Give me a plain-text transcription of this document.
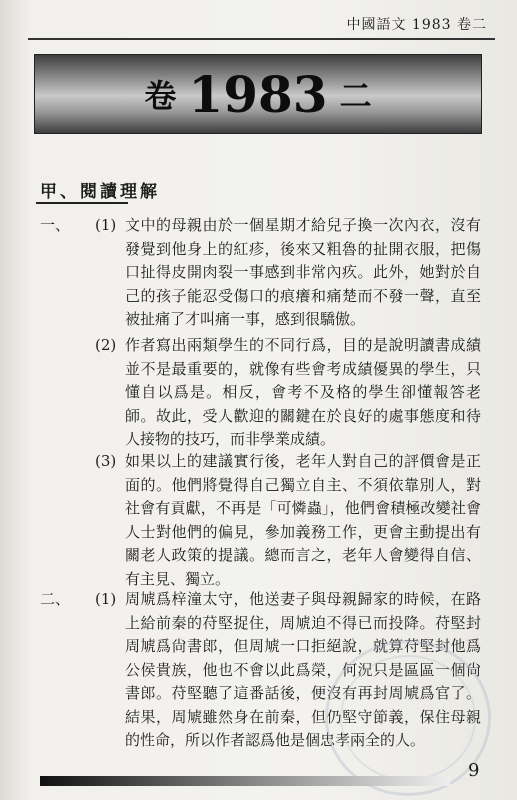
中國語文 1983 卷二
卷 1983 二
甲、閱讀理解
一、 (1) 文中的母親由於一個星期才給兒子換一次內衣，沒有發覺到他身上的紅疹，後來又粗魯的扯開衣服，把傷口扯得皮開肉裂一事感到非常內疚。此外，她對於自己的孩子能忍受傷口的痕癢和痛楚而不發一聲，直至被扯痛了才叫痛一事，感到很驕傲。
(2) 作者寫出兩類學生的不同行爲，目的是說明讀書成績並不是最重要的，就像有些會考成績優異的學生，只懂自以爲是。相反，會考不及格的學生卻懂報答老師。故此，受人歡迎的關鍵在於良好的處事態度和待人接物的技巧，而非學業成績。
(3) 如果以上的建議實行後，老年人對自己的評價會是正面的。他們將覺得自己獨立自主、不須依靠別人，對社會有貢獻，不再是「可憐蟲」，他們會積極改變社會人士對他們的偏見，參加義務工作，更會主動提出有關老人政策的提議。總而言之，老年人會變得自信、有主見、獨立。
二、 (1) 周虓爲梓潼太守，他送妻子與母親歸家的時候，在路上給前秦的苻堅捉住，周虓迫不得已而投降。苻堅封周虓爲尙書郎，但周虓一口拒絕說，就算苻堅封他爲公侯貴族，他也不會以此爲榮，何況只是區區一個尙書郎。苻堅聽了這番話後，便沒有再封周虓爲官了。結果，周虓雖然身在前秦，但仍堅守節義，保住母親的性命，所以作者認爲他是個忠孝兩全的人。
9
